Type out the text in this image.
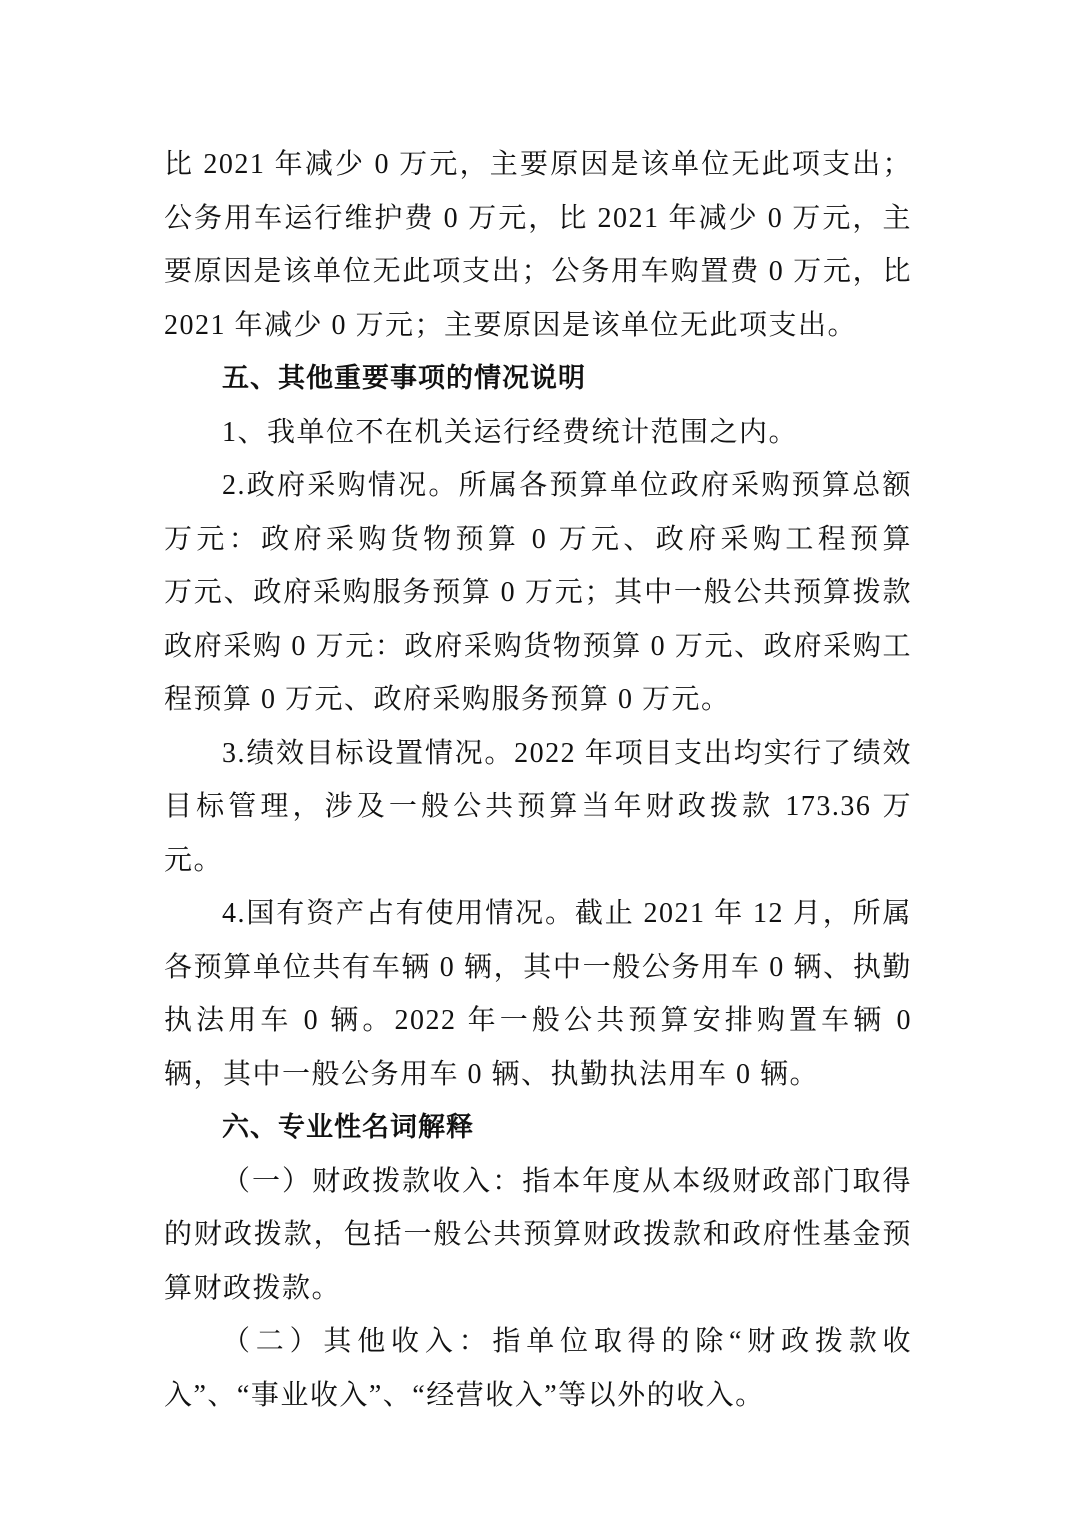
比 2021 年减少 0 万元，主要原因是该单位无此项支出；公务用车运行维护费 0 万元，比 2021 年减少 0 万元，主要原因是该单位无此项支出；公务用车购置费 0 万元，比 2021 年减少 0 万元；主要原因是该单位无此项支出。

五、其他重要事项的情况说明

1、我单位不在机关运行经费统计范围之内。

2.政府采购情况。所属各预算单位政府采购预算总额　万元：政府采购货物预算 0 万元、政府采购工程预算　 万元、政府采购服务预算 0 万元；其中一般公共预算拨款政府采购 0 万元：政府采购货物预算 0 万元、政府采购工程预算 0 万元、政府采购服务预算 0 万元。

3.绩效目标设置情况。2022 年项目支出均实行了绩效目标管理，涉及一般公共预算当年财政拨款 173.36 万元。

4.国有资产占有使用情况。截止 2021 年 12 月，所属各预算单位共有车辆 0 辆，其中一般公务用车 0 辆、执勤执法用车 0 辆。2022 年一般公共预算安排购置车辆 0 辆，其中一般公务用车 0 辆、执勤执法用车 0 辆。

六、专业性名词解释

（一）财政拨款收入：指本年度从本级财政部门取得的财政拨款，包括一般公共预算财政拨款和政府性基金预算财政拨款。

（二）其他收入：指单位取得的除“财政拨款收入”、“事业收入”、“经营收入”等以外的收入。
